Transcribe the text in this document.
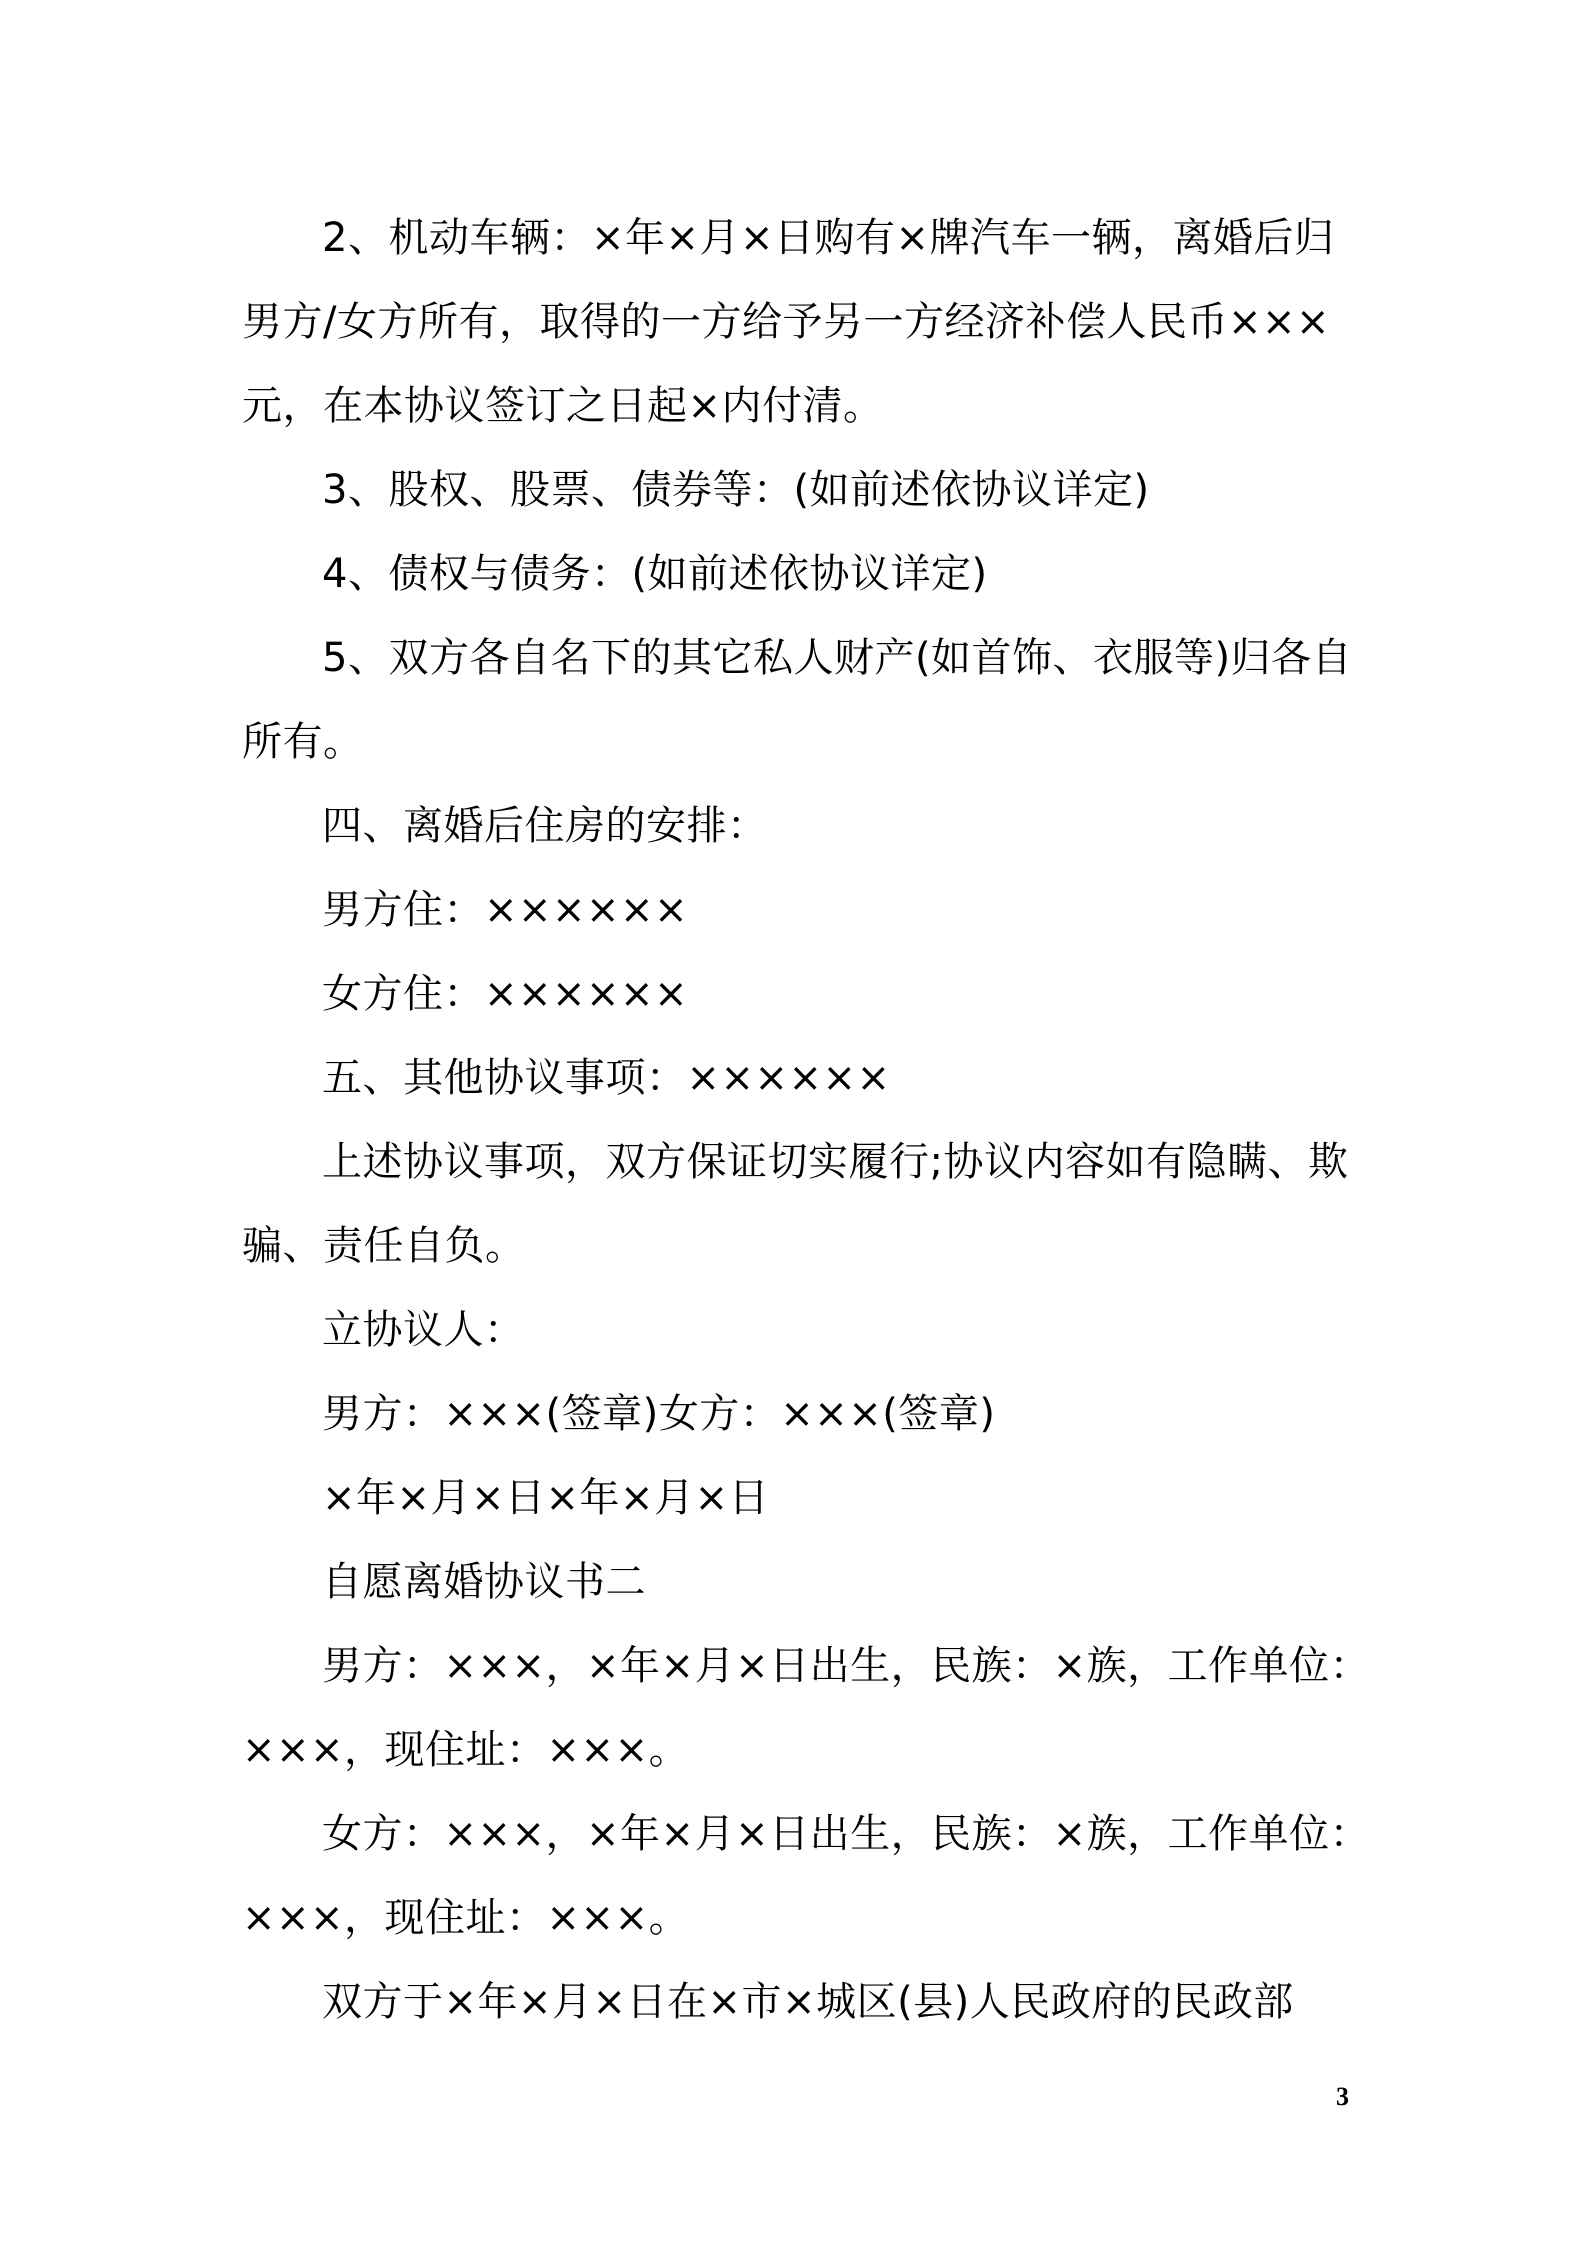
2、机动车辆：×年×月×日购有×牌汽车一辆，离婚后归
男方/女方所有，取得的一方给予另一方经济补偿人民币×××
元，在本协议签订之日起×内付清。
3、股权、股票、债券等：(如前述依协议详定)
4、债权与债务：(如前述依协议详定)
5、双方各自名下的其它私人财产(如首饰、衣服等)归各自
所有。
四、离婚后住房的安排：
男方住：××××××
女方住：××××××
五、其他协议事项：××××××
上述协议事项，双方保证切实履行;协议内容如有隐瞒、欺
骗、责任自负。
立协议人：
男方：×××(签章)女方：×××(签章)
×年×月×日×年×月×日
自愿离婚协议书二
男方：×××，×年×月×日出生，民族：×族，工作单位：
×××，现住址：×××。
女方：×××，×年×月×日出生，民族：×族，工作单位：
×××，现住址：×××。
双方于×年×月×日在×市×城区(县)人民政府的民政部
3
